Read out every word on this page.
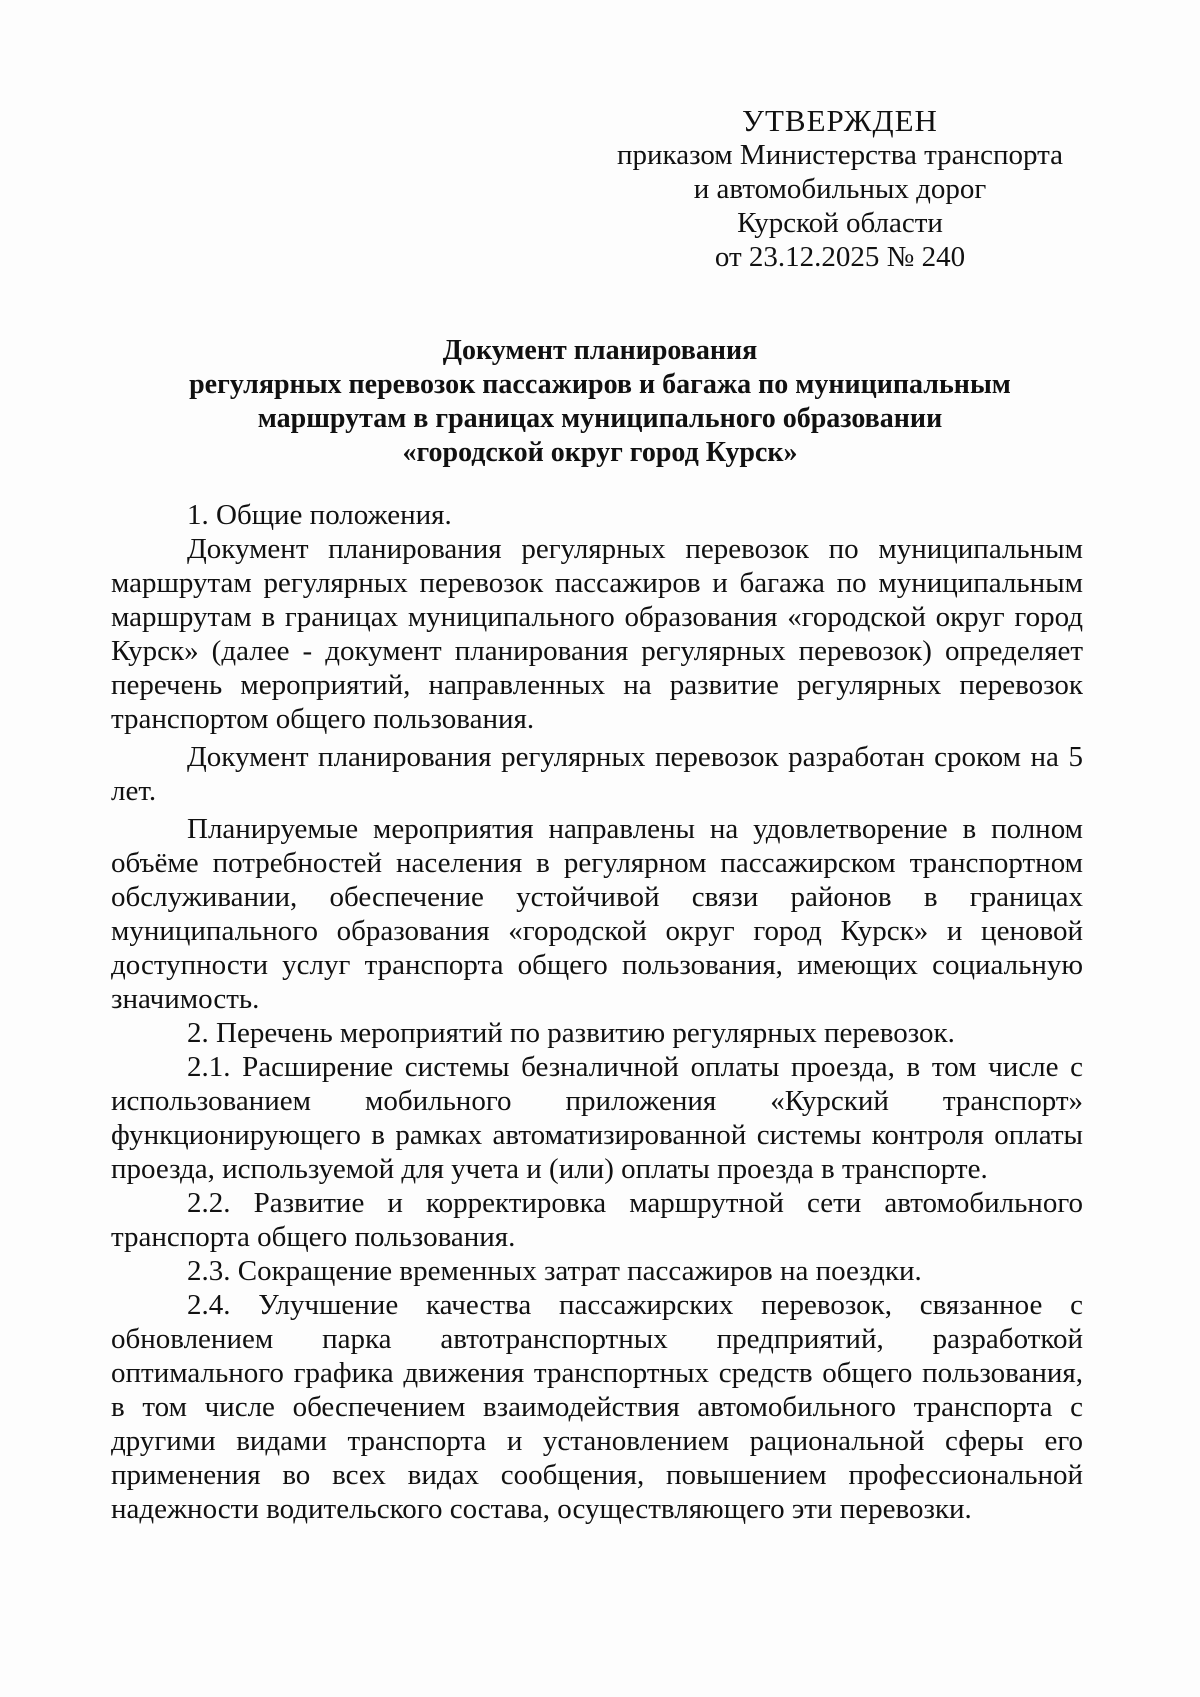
УТВЕРЖДЕН
приказом Министерства транспорта
и автомобильных дорог
Курской области
от 23.12.2025 № 240
Документ планирования
регулярных перевозок пассажиров и багажа по муниципальным
маршрутам в границах муниципального образовании
«городской округ город Курск»

1. Общие положения.

Документ планирования регулярных перевозок по муниципальным маршрутам регулярных перевозок пассажиров и багажа по муниципальным маршрутам в границах муниципального образования «городской округ город Курск» (далее - документ планирования регулярных перевозок) определяет перечень мероприятий, направленных на развитие регулярных перевозок транспортом общего пользования.

Документ планирования регулярных перевозок разработан сроком на 5 лет.

Планируемые мероприятия направлены на удовлетворение в полном объёме потребностей населения в регулярном пассажирском транспортном обслуживании, обеспечение устойчивой связи районов в границах муниципального образования «городской округ город Курск» и ценовой доступности услуг транспорта общего пользования, имеющих социальную значимость.

2. Перечень мероприятий по развитию регулярных перевозок.

2.1. Расширение системы безналичной оплаты проезда, в том числе с использованием мобильного приложения «Курский транспорт» функционирующего в рамках автоматизированной системы контроля оплаты проезда, используемой для учета и (или) оплаты проезда в транспорте.

2.2. Развитие и корректировка маршрутной сети автомобильного транспорта общего пользования.

2.3. Сокращение временных затрат пассажиров на поездки.

2.4. Улучшение качества пассажирских перевозок, связанное с обновлением парка автотранспортных предприятий, разработкой оптимального графика движения транспортных средств общего пользования, в том числе обеспечением взаимодействия автомобильного транспорта с другими видами транспорта и установлением рациональной сферы его применения во всех видах сообщения, повышением профессиональной надежности водительского состава, осуществляющего эти перевозки.
